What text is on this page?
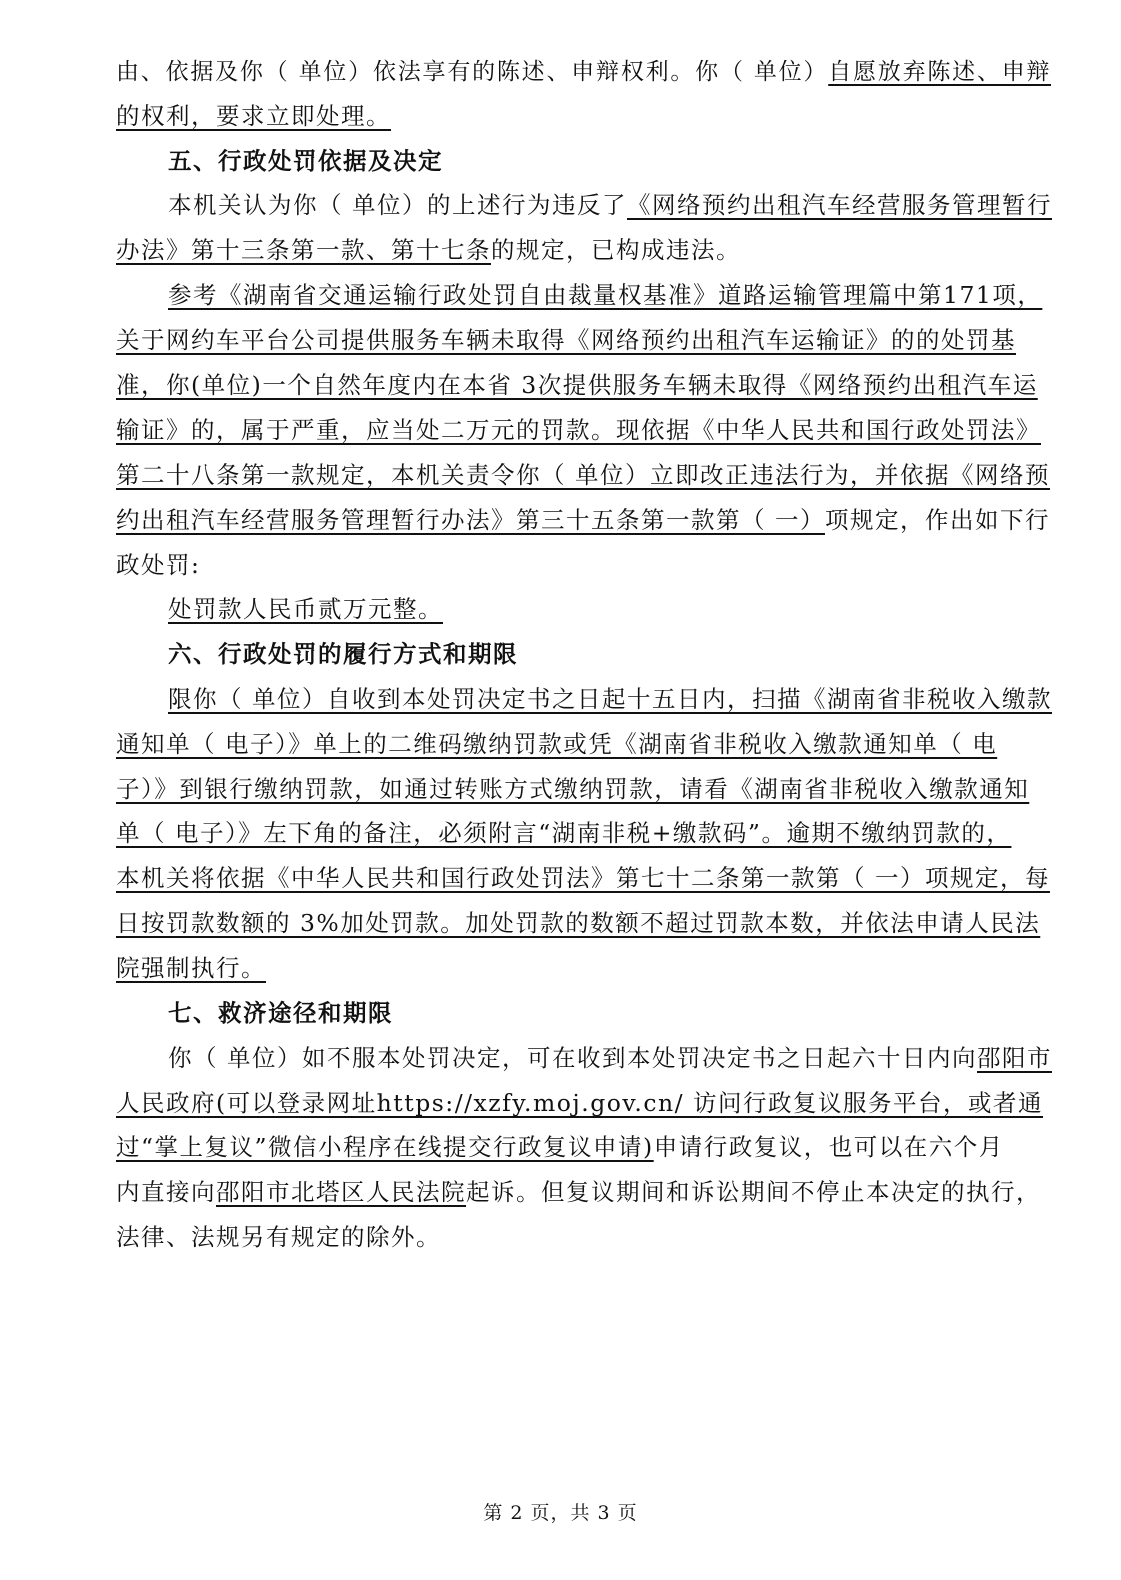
由、依据及你（ 单位）依法享有的陈述、申辩权利。你（ 单位）自愿放弃陈述、申辩
的权利，要求立即处理。
五、行政处罚依据及决定
本机关认为你（ 单位）的上述行为违反了《网络预约出租汽车经营服务管理暂行
办法》第十三条第一款、第十七条的规定，已构成违法。
参考《湖南省交通运输行政处罚自由裁量权基准》道路运输管理篇中第171项，
关于网约车平台公司提供服务车辆未取得《网络预约出租汽车运输证》的的处罚基
准，你(单位)一个自然年度内在本省 3次提供服务车辆未取得《网络预约出租汽车运
输证》的，属于严重，应当处二万元的罚款。现依据《中华人民共和国行政处罚法》
第二十八条第一款规定，本机关责令你（ 单位）立即改正违法行为，并依据《网络预
约出租汽车经营服务管理暂行办法》第三十五条第一款第（ 一）项规定，作出如下行
政处罚:
处罚款人民币贰万元整。
六、行政处罚的履行方式和期限
限你（ 单位）自收到本处罚决定书之日起十五日内，扫描《湖南省非税收入缴款
通知单（ 电子）》单上的二维码缴纳罚款或凭《湖南省非税收入缴款通知单（ 电
子）》到银行缴纳罚款，如通过转账方式缴纳罚款，请看《湖南省非税收入缴款通知
单（ 电子）》左下角的备注，必须附言“湖南非税+缴款码”。逾期不缴纳罚款的，
本机关将依据《中华人民共和国行政处罚法》第七十二条第一款第（ 一）项规定，每
日按罚款数额的 3%加处罚款。加处罚款的数额不超过罚款本数，并依法申请人民法
院强制执行。
七、救济途径和期限
你（ 单位）如不服本处罚决定，可在收到本处罚决定书之日起六十日内向邵阳市
人民政府(可以登录网址https://xzfy.moj.gov.cn/ 访问行政复议服务平台，或者通
过“掌上复议”微信小程序在线提交行政复议申请)申请行政复议，也可以在六个月
内直接向邵阳市北塔区人民法院起诉。但复议期间和诉讼期间不停止本决定的执行，
法律、法规另有规定的除外。
第 2 页，共 3 页
